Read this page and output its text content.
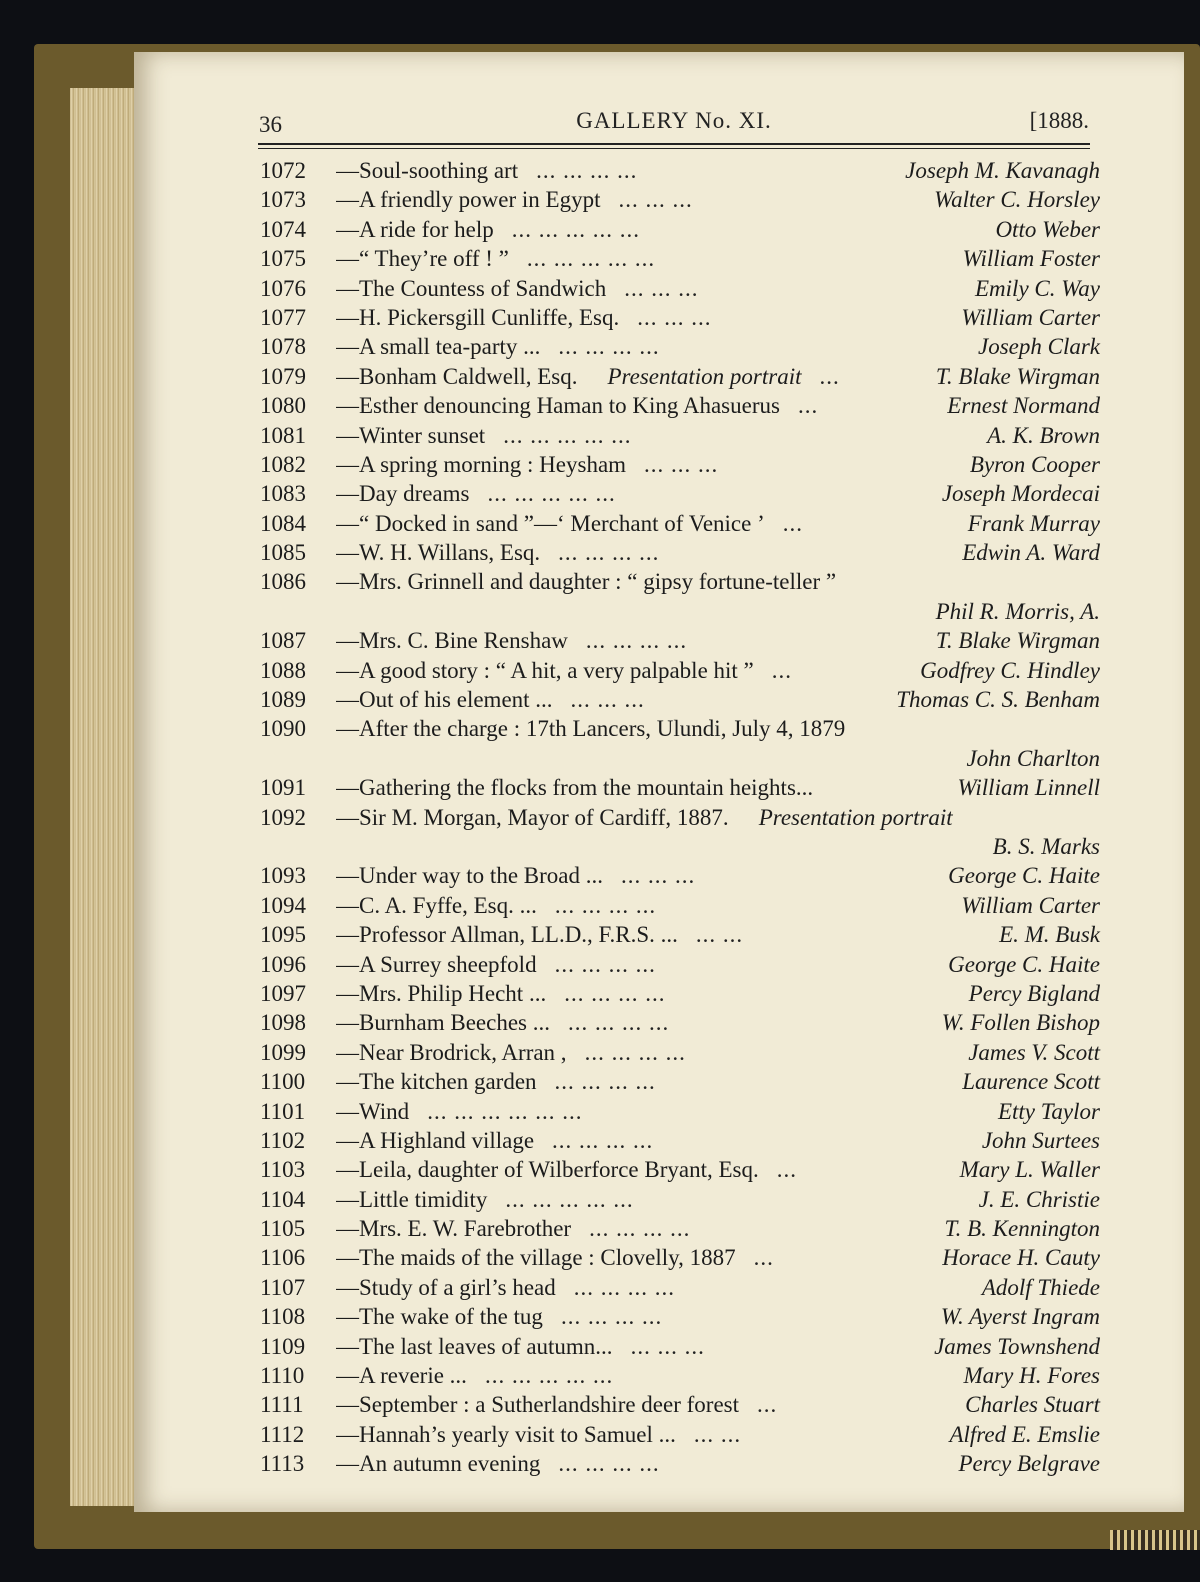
36	GALLERY No. XI.	[1888.
1072	—Soul-soothing art ... ... ... ...	Joseph M. Kavanagh
1073	—A friendly power in Egypt ... ... ...	Walter C. Horsley
1074	—A ride for help ... ... ... ... ...	Otto Weber
1075	—“ They’re off ! ” ... ... ... ... ...	William Foster
1076	—The Countess of Sandwich ... ... ...	Emily C. Way
1077	—H. Pickersgill Cunliffe, Esq. ... ... ...	William Carter
1078	—A small tea-party ... ... ... ... ...	Joseph Clark
1079	—Bonham Caldwell, Esq. Presentation portrait ...	T. Blake Wirgman
1080	—Esther denouncing Haman to King Ahasuerus ...	Ernest Normand
1081	—Winter sunset ... ... ... ... ...	A. K. Brown
1082	—A spring morning : Heysham ... ... ...	Byron Cooper
1083	—Day dreams ... ... ... ... ...	Joseph Mordecai
1084	—“ Docked in sand ”—‘ Merchant of Venice ’ ...	Frank Murray
1085	—W. H. Willans, Esq. ... ... ... ...	Edwin A. Ward
1086	—Mrs. Grinnell and daughter : “ gipsy fortune-teller ”
Phil R. Morris, A.
1087	—Mrs. C. Bine Renshaw ... ... ... ...	T. Blake Wirgman
1088	—A good story : “ A hit, a very palpable hit ” ...	Godfrey C. Hindley
1089	—Out of his element ... ... ... ...	Thomas C. S. Benham
1090	—After the charge : 17th Lancers, Ulundi, July 4, 1879
John Charlton
1091	—Gathering the flocks from the mountain heights...	William Linnell
1092	—Sir M. Morgan, Mayor of Cardiff, 1887. Presentation portrait
B. S. Marks
1093	—Under way to the Broad ... ... ... ...	George C. Haite
1094	—C. A. Fyffe, Esq. ... ... ... ... ...	William Carter
1095	—Professor Allman, LL.D., F.R.S. ... ... ...	E. M. Busk
1096	—A Surrey sheepfold ... ... ... ...	George C. Haite
1097	—Mrs. Philip Hecht ... ... ... ... ...	Percy Bigland
1098	—Burnham Beeches ... ... ... ... ...	W. Follen Bishop
1099	—Near Brodrick, Arran , ... ... ... ...	James V. Scott
1100	—The kitchen garden ... ... ... ...	Laurence Scott
1101	—Wind ... ... ... ... ... ...	Etty Taylor
1102	—A Highland village ... ... ... ...	John Surtees
1103	—Leila, daughter of Wilberforce Bryant, Esq. ...	Mary L. Waller
1104	—Little timidity ... ... ... ... ...	J. E. Christie
1105	—Mrs. E. W. Farebrother ... ... ... ...	T. B. Kennington
1106	—The maids of the village : Clovelly, 1887 ...	Horace H. Cauty
1107	—Study of a girl’s head ... ... ... ...	Adolf Thiede
1108	—The wake of the tug ... ... ... ...	W. Ayerst Ingram
1109	—The last leaves of autumn... ... ... ...	James Townshend
1110	—A reverie ... ... ... ... ... ...	Mary H. Fores
1111	—September : a Sutherlandshire deer forest ...	Charles Stuart
1112	—Hannah’s yearly visit to Samuel ... ... ...	Alfred E. Emslie
1113	—An autumn evening ... ... ... ...	Percy Belgrave
